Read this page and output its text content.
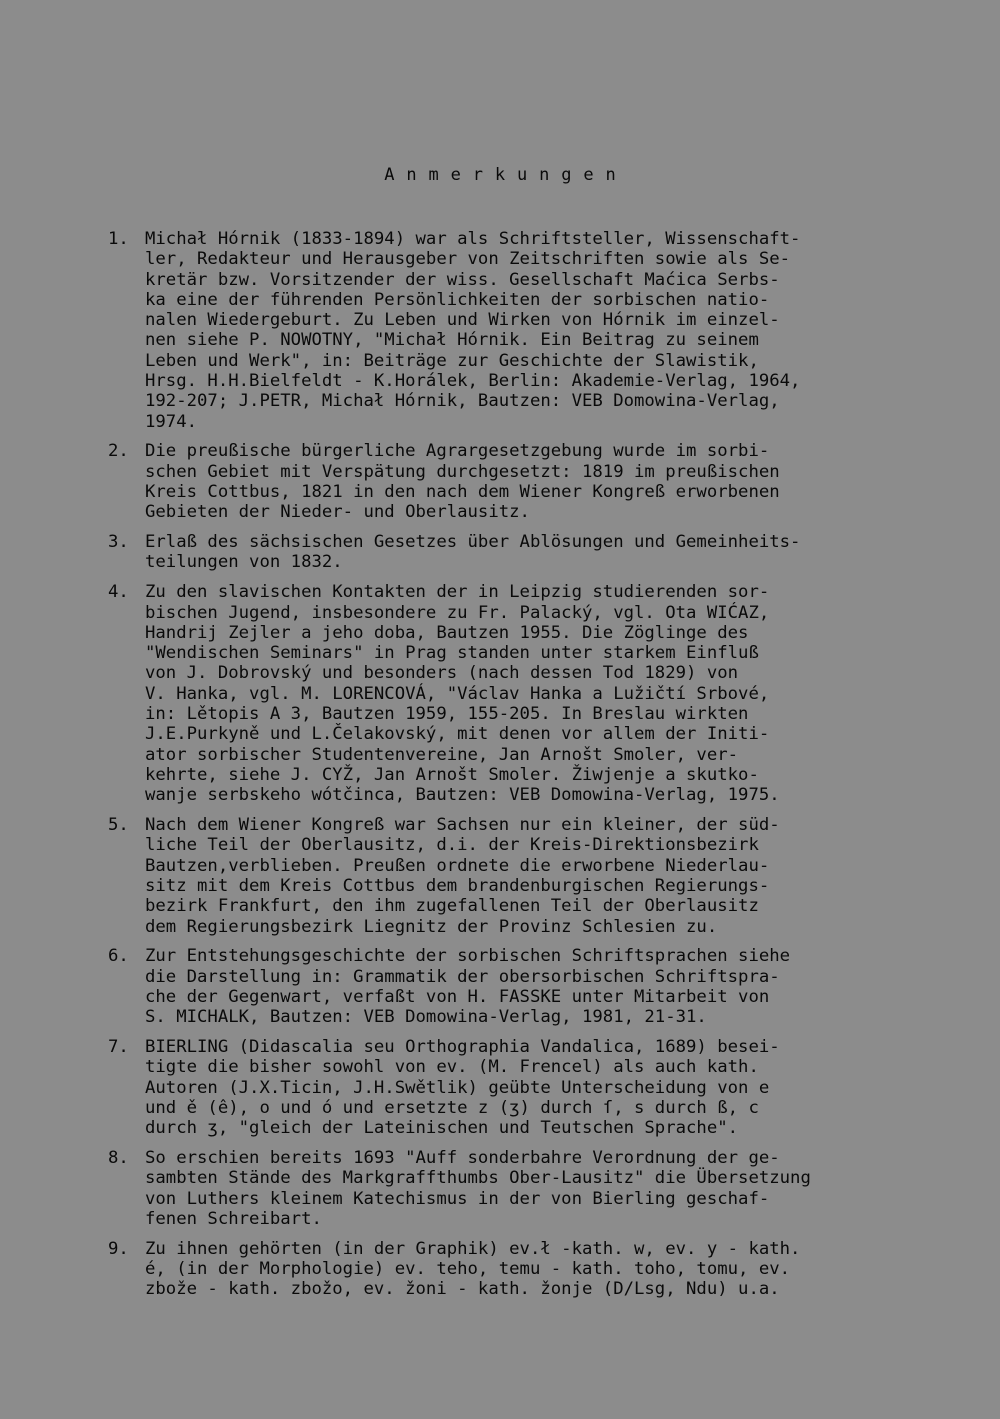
Anmerkungen
1. Michał Hórnik (1833-1894) war als Schriftsteller, Wissenschaft-
ler, Redakteur und Herausgeber von Zeitschriften sowie als Se-
kretär bzw. Vorsitzender der wiss. Gesellschaft Maćica Serbs-
ka eine der führenden Persönlichkeiten der sorbischen natio-
nalen Wiedergeburt. Zu Leben und Wirken von Hórnik im einzel-
nen siehe P. NOWOTNY, "Michał Hórnik. Ein Beitrag zu seinem
Leben und Werk", in: Beiträge zur Geschichte der Slawistik,
Hrsg. H.H.Bielfeldt - K.Horálek, Berlin: Akademie-Verlag, 1964,
192-207; J.PETR, Michał Hórnik, Bautzen: VEB Domowina-Verlag,
1974.
2. Die preußische bürgerliche Agrargesetzgebung wurde im sorbi-
schen Gebiet mit Verspätung durchgesetzt: 1819 im preußischen
Kreis Cottbus, 1821 in den nach dem Wiener Kongreß erworbenen
Gebieten der Nieder- und Oberlausitz.
3. Erlaß des sächsischen Gesetzes über Ablösungen und Gemeinheits-
teilungen von 1832.
4. Zu den slavischen Kontakten der in Leipzig studierenden sor-
bischen Jugend, insbesondere zu Fr. Palacký, vgl. Ota WIĆAZ,
Handrij Zejler a jeho doba, Bautzen 1955. Die Zöglinge des
"Wendischen Seminars" in Prag standen unter starkem Einfluß
von J. Dobrovský und besonders (nach dessen Tod 1829) von
V. Hanka, vgl. M. LORENCOVÁ, "Václav Hanka a Lužičtí Srbové,
in: Lětopis A 3, Bautzen 1959, 155-205. In Breslau wirkten
J.E.Purkyně und L.Čelakovský, mit denen vor allem der Initi-
ator sorbischer Studentenvereine, Jan Arnošt Smoler, ver-
kehrte, siehe J. CYŽ, Jan Arnošt Smoler. Žiwjenje a skutko-
wanje serbskeho wótčinca, Bautzen: VEB Domowina-Verlag, 1975.
5. Nach dem Wiener Kongreß war Sachsen nur ein kleiner, der süd-
liche Teil der Oberlausitz, d.i. der Kreis-Direktionsbezirk
Bautzen,verblieben. Preußen ordnete die erworbene Niederlau-
sitz mit dem Kreis Cottbus dem brandenburgischen Regierungs-
bezirk Frankfurt, den ihm zugefallenen Teil der Oberlausitz
dem Regierungsbezirk Liegnitz der Provinz Schlesien zu.
6. Zur Entstehungsgeschichte der sorbischen Schriftsprachen siehe
die Darstellung in: Grammatik der obersorbischen Schriftspra-
che der Gegenwart, verfaßt von H. FASSKE unter Mitarbeit von
S. MICHALK, Bautzen: VEB Domowina-Verlag, 1981, 21-31.
7. BIERLING (Didascalia seu Orthographia Vandalica, 1689) besei-
tigte die bisher sowohl von ev. (M. Frencel) als auch kath.
Autoren (J.X.Ticin, J.H.Swětlik) geübte Unterscheidung von e
und ě (ê), o und ó und ersetzte z (ʒ) durch ſ, s durch ß, c
durch ʒ, "gleich der Lateinischen und Teutschen Sprache".
8. So erschien bereits 1693 "Auff sonderbahre Verordnung der ge-
sambten Stände des Markgraffthumbs Ober-Lausitz" die Übersetzung
von Luthers kleinem Katechismus in der von Bierling geschaf-
fenen Schreibart.
9. Zu ihnen gehörten (in der Graphik) ev.ł -kath. w, ev. y - kath.
é, (in der Morphologie) ev. teho, temu - kath. toho, tomu, ev.
zbože - kath. zbožo, ev. žoni - kath. žonje (D/Lsg, Ndu) u.a.
